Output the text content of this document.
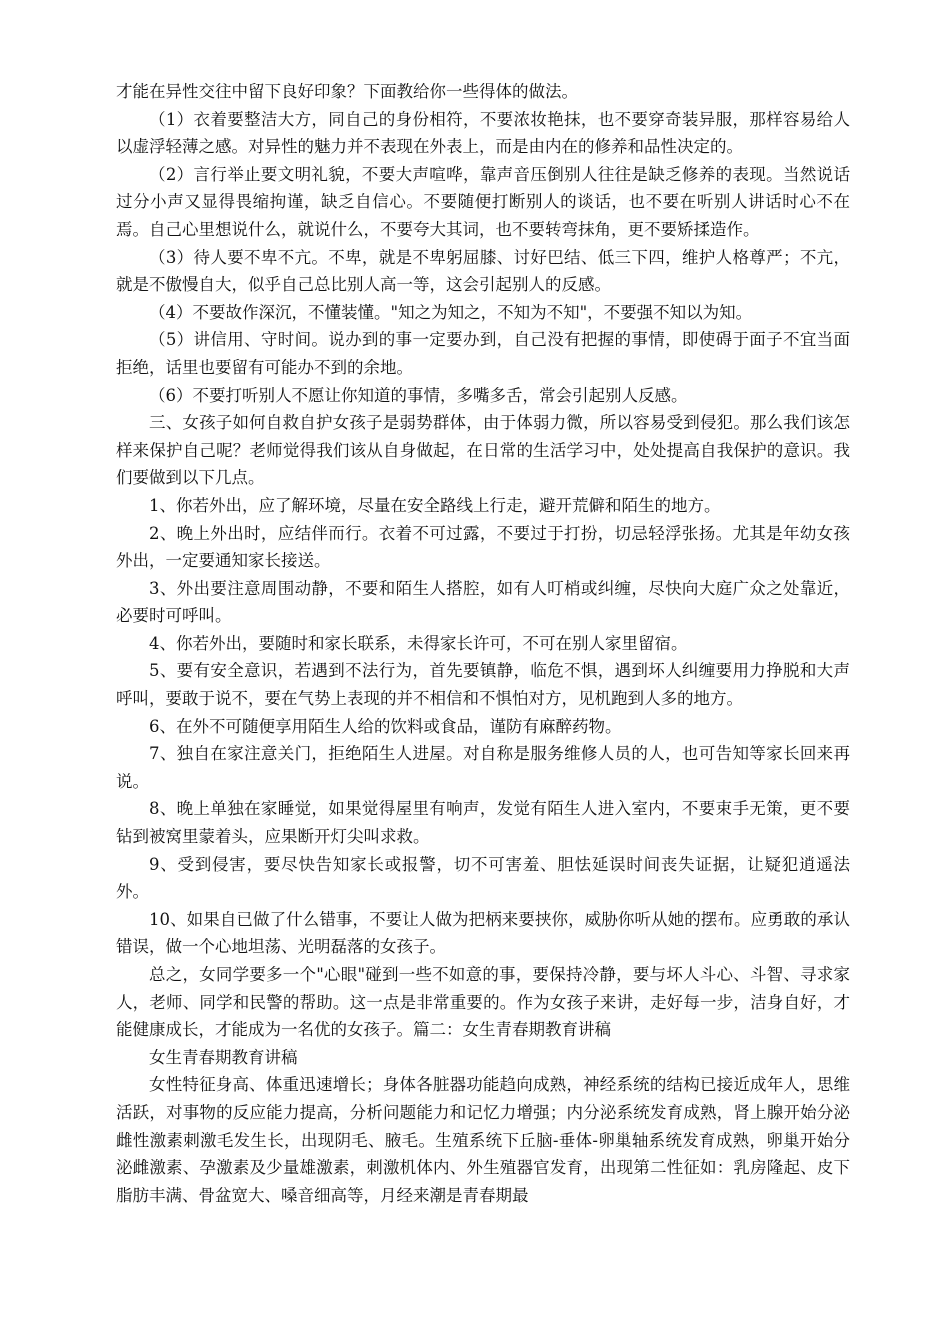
才能在异性交往中留下良好印象？下面教给你一些得体的做法。

（1）衣着要整洁大方，同自己的身份相符，不要浓妆艳抹，也不要穿奇装异服，那样容易给人以虚浮轻薄之感。对异性的魅力并不表现在外表上，而是由内在的修养和品性决定的。

（2）言行举止要文明礼貌，不要大声喧哗，靠声音压倒别人往往是缺乏修养的表现。当然说话过分小声又显得畏缩拘谨，缺乏自信心。不要随便打断别人的谈话，也不要在听别人讲话时心不在焉。自己心里想说什么，就说什么，不要夸大其词，也不要转弯抹角，更不要矫揉造作。

（3）待人要不卑不亢。不卑，就是不卑躬屈膝、讨好巴结、低三下四，维护人格尊严；不亢，就是不傲慢自大，似乎自己总比别人高一等，这会引起别人的反感。

（4）不要故作深沉，不懂装懂。"知之为知之，不知为不知"，不要强不知以为知。

（5）讲信用、守时间。说办到的事一定要办到，自己没有把握的事情，即使碍于面子不宜当面拒绝，话里也要留有可能办不到的余地。

（6）不要打听别人不愿让你知道的事情，多嘴多舌，常会引起别人反感。

三、女孩子如何自救自护女孩子是弱势群体，由于体弱力微，所以容易受到侵犯。那么我们该怎样来保护自己呢？老师觉得我们该从自身做起，在日常的生活学习中，处处提高自我保护的意识。我们要做到以下几点。

1、你若外出，应了解环境，尽量在安全路线上行走，避开荒僻和陌生的地方。

2、晚上外出时，应结伴而行。衣着不可过露，不要过于打扮，切忌轻浮张扬。尤其是年幼女孩外出，一定要通知家长接送。

3、外出要注意周围动静，不要和陌生人搭腔，如有人叮梢或纠缠，尽快向大庭广众之处靠近，必要时可呼叫。

4、你若外出，要随时和家长联系，未得家长许可，不可在别人家里留宿。

5、要有安全意识，若遇到不法行为，首先要镇静，临危不惧，遇到坏人纠缠要用力挣脱和大声呼叫，要敢于说不，要在气势上表现的并不相信和不惧怕对方，见机跑到人多的地方。

6、在外不可随便享用陌生人给的饮料或食品，谨防有麻醉药物。

7、独自在家注意关门，拒绝陌生人进屋。对自称是服务维修人员的人，也可告知等家长回来再说。

8、晚上单独在家睡觉，如果觉得屋里有响声，发觉有陌生人进入室内，不要束手无策，更不要钻到被窝里蒙着头，应果断开灯尖叫求救。

9、受到侵害，要尽快告知家长或报警，切不可害羞、胆怯延误时间丧失证据，让疑犯逍遥法外。

10、如果自已做了什么错事，不要让人做为把柄来要挟你，威胁你听从她的摆布。应勇敢的承认错误，做一个心地坦荡、光明磊落的女孩子。

总之，女同学要多一个"心眼"碰到一些不如意的事，要保持冷静，要与坏人斗心、斗智、寻求家人，老师、同学和民警的帮助。这一点是非常重要的。作为女孩子来讲，走好每一步，洁身自好，才能健康成长，才能成为一名优的女孩子。篇二：女生青春期教育讲稿

女生青春期教育讲稿

女性特征身高、体重迅速增长；身体各脏器功能趋向成熟，神经系统的结构已接近成年人，思维活跃，对事物的反应能力提高，分析问题能力和记忆力增强；内分泌系统发育成熟，肾上腺开始分泌雌性激素刺激毛发生长，出现阴毛、腋毛。生殖系统下丘脑-垂体-卵巢轴系统发育成熟，卵巢开始分泌雌激素、孕激素及少量雄激素，刺激机体内、外生殖器官发育，出现第二性征如：乳房隆起、皮下脂肪丰满、骨盆宽大、嗓音细高等，月经来潮是青春期最
